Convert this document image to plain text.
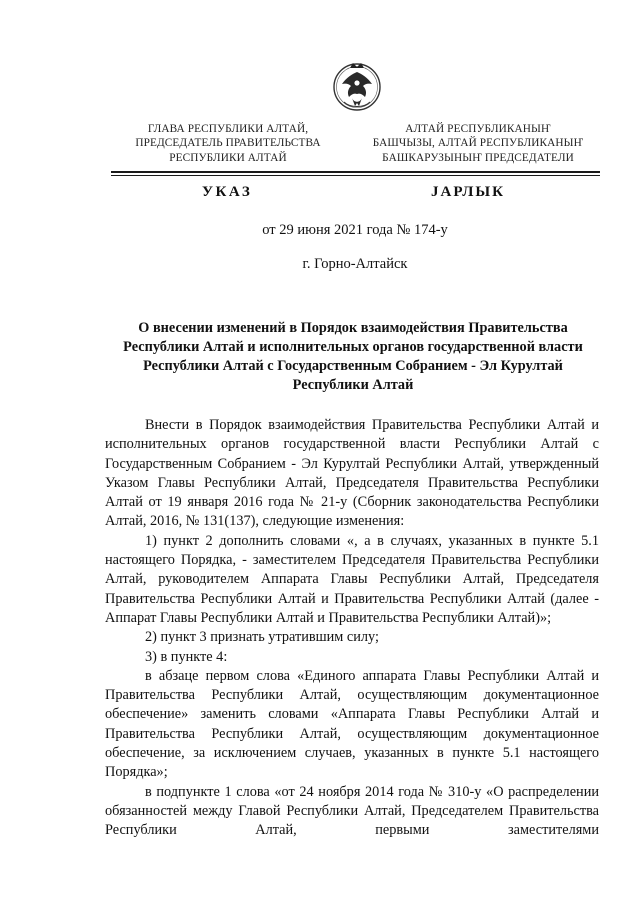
ГЛАВА РЕСПУБЛИКИ АЛТАЙ,
ПРЕДСЕДАТЕЛЬ ПРАВИТЕЛЬСТВА
РЕСПУБЛИКИ АЛТАЙ
АЛТАЙ РЕСПУБЛИКАНЫҤ
БАШЧЫЗЫ, АЛТАЙ РЕСПУБЛИКАНЫҤ
БАШКАРУЗЫНЫҤ ПРЕДСЕДАТЕЛИ
УКАЗ	ЈАРЛЫК
от 29 июня 2021 года № 174-у
г. Горно-Алтайск
О внесении изменений в Порядок взаимодействия Правительства Республики Алтай и исполнительных органов государственной власти Республики Алтай с Государственным Собранием - Эл Курултай Республики Алтай

Внести в Порядок взаимодействия Правительства Республики Алтай и исполнительных органов государственной власти Республики Алтай с Государственным Собранием - Эл Курултай Республики Алтай, утвержденный Указом Главы Республики Алтай, Председателя Правительства Республики Алтай от 19 января 2016 года № 21-у (Сборник законодательства Республики Алтай, 2016, № 131(137), следующие изменения:

1) пункт 2 дополнить словами «, а в случаях, указанных в пункте 5.1 настоящего Порядка, - заместителем Председателя Правительства Республики Алтай, руководителем Аппарата Главы Республики Алтай, Председателя Правительства Республики Алтай и Правительства Республики Алтай (далее - Аппарат Главы Республики Алтай и Правительства Республики Алтай)»;

2) пункт 3 признать утратившим силу;

3) в пункте 4:

в абзаце первом слова «Единого аппарата Главы Республики Алтай и Правительства Республики Алтай, осуществляющим документационное обеспечение» заменить словами «Аппарата Главы Республики Алтай и Правительства Республики Алтай, осуществляющим документационное обеспечение, за исключением случаев, указанных в пункте 5.1 настоящего Порядка»;

в подпункте 1 слова «от 24 ноября 2014 года № 310-у «О распределении обязанностей между Главой Республики Алтай, Председателем Правительства Республики Алтай, первыми заместителями
